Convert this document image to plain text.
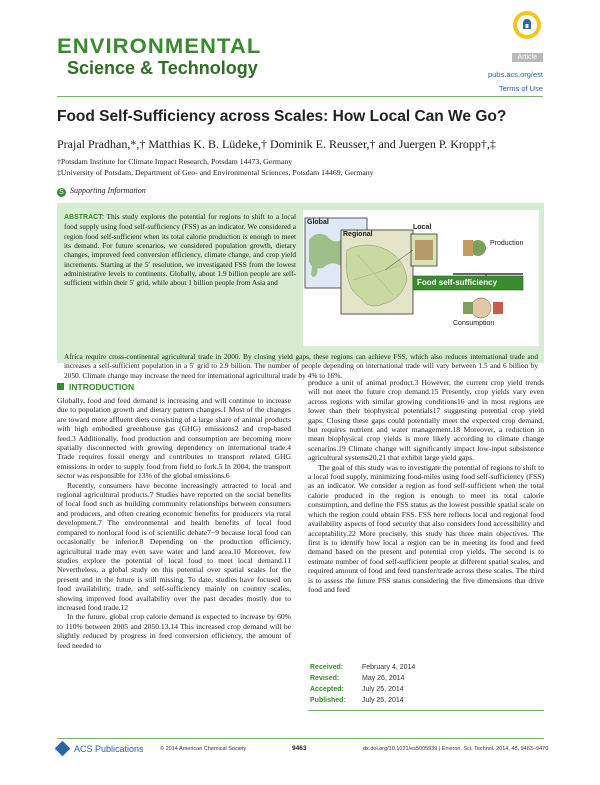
ENVIRONMENTAL
Science & Technology
Article
pubs.acs.org/est
Terms of Use
Food Self-Sufficiency across Scales: How Local Can We Go?
Prajal Pradhan,*,† Matthias K. B. Lüdeke,† Dominik E. Reusser,† and Juergen P. Kropp†,‡
†Potsdam Institute for Climate Impact Research, Potsdam 14473, Germany
‡University of Potsdam, Department of Geo- and Environmental Sciences, Potsdam 14469, Germany
S Supporting Information
ABSTRACT: This study explores the potential for regions to shift to a local food supply using food self-sufficiency (FSS) as an indicator. We considered a region food self-sufficient when its total calorie production is enough to meet its demand. For future scenarios, we considered population growth, dietary changes, improved feed conversion efficiency, climate change, and crop yield increments. Starting at the 5′ resolution, we investigated FSS from the lowest administrative levels to continents. Globally, about 1.9 billion people are self-sufficient within their 5′ grid, while about 1 billion people from Asia and
Africa require cross-continental agricultural trade in 2000. By closing yield gaps, these regions can achieve FSS, which also reduces international trade and increases a self-sufficient population in a 5′ grid to 2.9 billion. The number of people depending on international trade will vary between 1.5 and 6 billion by 2050. Climate change may increase the need for international agricultural trade by 4% to 16%.
Global
Regional
Local
Production
Food self-sufficiency
Consumption
INTRODUCTION

Globally, food and feed demand is increasing and will continue to increase due to population growth and dietary pattern changes.1 Most of the changes are toward more affluent diets consisting of a large share of animal products with high embodied greenhouse gas (GHG) emissions2 and crop-based feed.3 Additionally, food production and consumption are becoming more spatially disconnected with growing dependency on international trade.4 Trade requires fossil energy and contributes to transport related GHG emissions in order to supply food from field to fork.5 In 2004, the transport sector was responsible for 13% of the global emissions.6

Recently, consumers have become increasingly attracted to local and regional agricultural products.7 Studies have reported on the social benefits of local food such as building community relationships between consumers and producers, and often creating economic benefits for producers via rural development.7 The environmental and health benefits of local food compared to nonlocal food is of scientific debate7−9 because local food can occasionally be inferior.8 Depending on the production efficiency, agricultural trade may even save water and land area.10 Moreover, few studies explore the potential of local food to meet local demand.11 Nevertheless, a global study on this potential over spatial scales for the present and in the future is still missing. To date, studies have focused on food availability, trade, and self-sufficiency mainly on country scales, showing improved food availability over the past decades mostly due to increased food trade.12

In the future, global crop calorie demand is expected to increase by 60% to 110% between 2005 and 2050.13,14 This increased crop demand will be slightly reduced by progress in feed conversion efficiency, the amount of feed needed to

produce a unit of animal product.3 However, the current crop yield trends will not meet the future crop demand.15 Presently, crop yields vary even across regions with similar growing conditions16 and in most regions are lower than their biophysical potentials17 suggesting potential crop yield gaps. Closing these gaps could potentially meet the expected crop demand, but requires nutrient and water management.18 Moreover, a reduction in mean biophysical crop yields is more likely according to climate change scenarios.19 Climate change will significantly impact low-input subsistence agricultural systems20,21 that exhibit large yield gaps.

The goal of this study was to investigate the potential of regions to shift to a local food supply, minimizing food-miles using food self-sufficiency (FSS) as an indicator. We consider a region as food self-sufficient when the total calorie produced in the region is enough to meet its total calorie consumption, and define the FSS status as the lowest possible spatial scale on which the region could obtain FSS. FSS here reflects local and regional food availability aspects of food security that also considers food accessibility and acceptability.22 More precisely, this study has three main objectives. The first is to identify how local a region can be in meeting its food and feed demand based on the present and potential crop yields. The second is to estimate number of food self-sufficient people at different spatial scales, and required amount of food and feed transfer/trade across these scales. The third is to assess the future FSS status considering the five dimensions that drive food and feed

Received:	February 4, 2014
Revised:	May 26, 2014
Accepted:	July 25, 2014
Published: July 25, 2014
ACS Publications	© 2014 American Chemical Society	9463	dx.doi.org/10.1021/es5005939 | Environ. Sci. Technol. 2014, 48, 9463−9470
